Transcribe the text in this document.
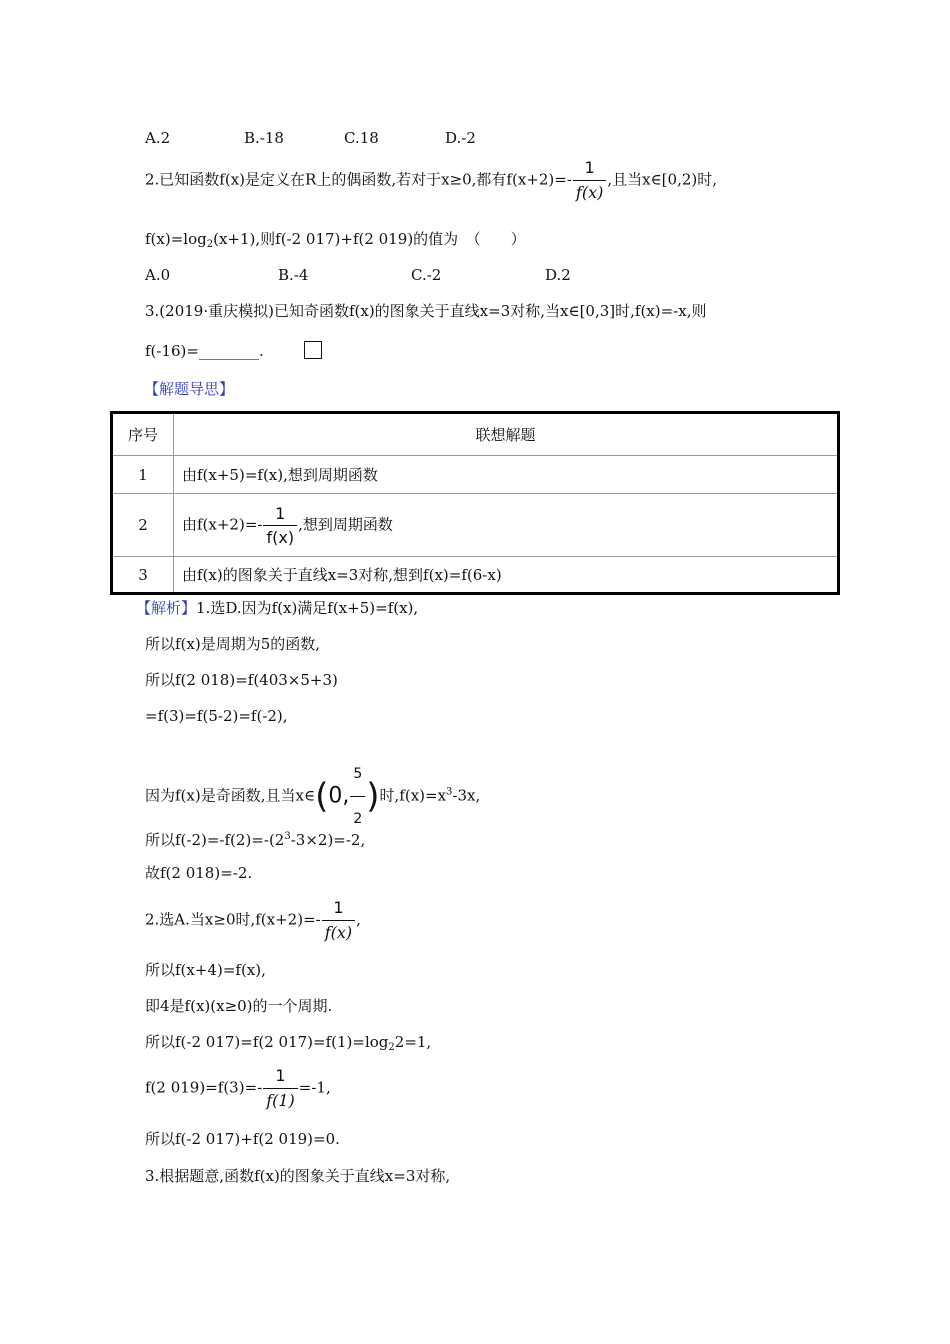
A.2	B.-18	C.18	D.-2
2.已知函数f(x)是定义在R上的偶函数,若对于x≥0,都有$f(x+2)=- \frac{1}{f(x)}$ ,且当x∈[0,2)时,
$f(x)=\log_2(x+1)$,则f(-2 017)+f(2 019)的值为　（　　）
A.0	B.-4	C.-2	D.2
3.(2019·重庆模拟)已知奇函数f(x)的图象关于直线x=3对称,当x∈[0,3]时,f(x)=-x,则
f(-16)=________.
【解题导思】
序号	联想解题
1	由f(x+5)=f(x),想到周期函数
2	由$f(x+2)=- \frac{1}{f(x)}$ ,想到周期函数
3	由f(x)的图象关于直线x=3对称,想到f(x)=f(6-x)
【解析】1.选D.因为f(x)满足f(x+5)=f(x),
所以f(x)是周期为5的函数,
所以f(2 018)=f(403×5+3)
=f(3)=f(5-2)=f(-2),
因为f(x)是奇函数,且当x∈(0, $\frac{5}{2}$ )时$,f(x)=x^3-3x$,
所以$f(-2)=-f(2)=-(2^3-3\times 2)=-2$,
故f(2 018)=-2.
2.选A.当x≥0时$,f(x+2)=- \frac{1}{f(x)}$ ,
所以f(x+4)=f(x),
即4是f(x)(x≥0)的一个周期.
所以f(-2 017)=f(2 $017)=f(1)=\log_22=1$,
f(2 $019)=f(3)=- \frac{1}{f(1)} =-1$,
所以f(-2 017)+f(2 019)=0.
3.根据题意,函数f(x)的图象关于直线x=3对称,
